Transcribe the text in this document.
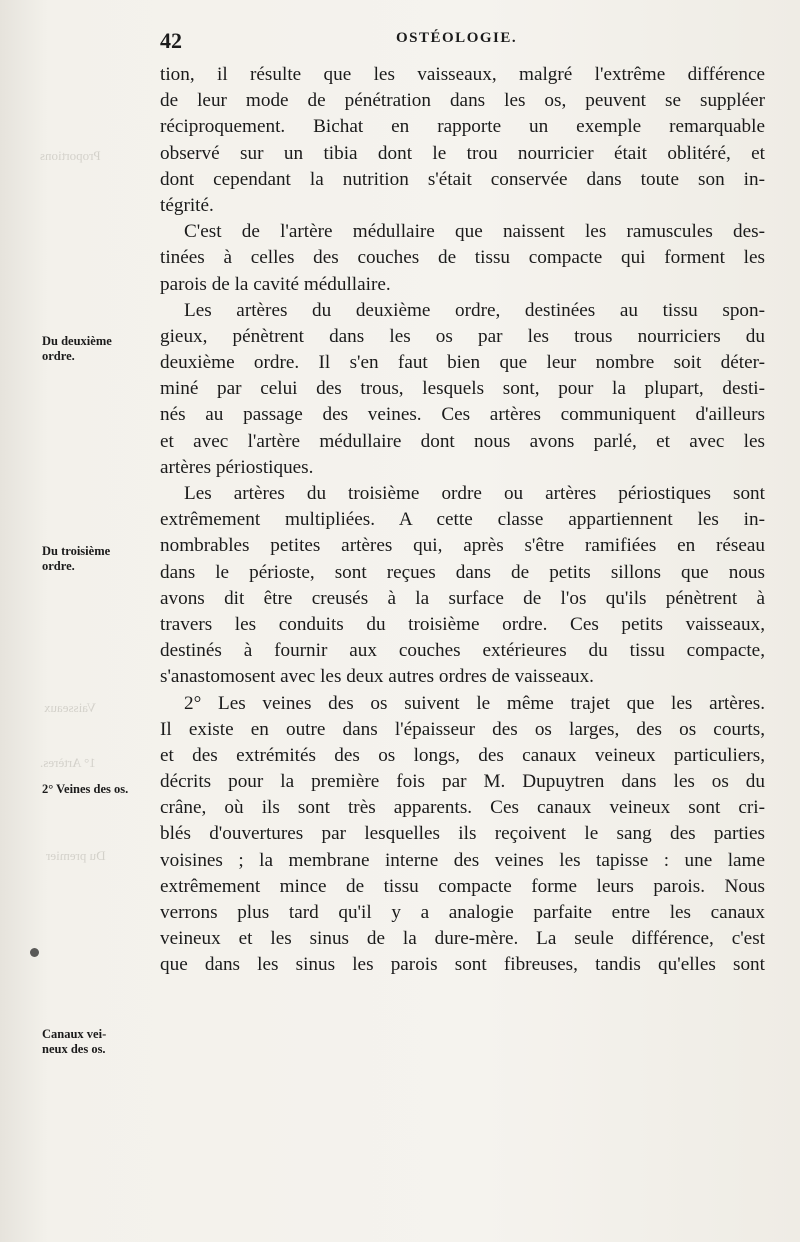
Proportions
Vaisseaux
1° Artères.
Du premier
42	OSTÉOLOGIE.
Du deuxième
ordre.
Du troisième
ordre.
2° Veines des os.
Canaux vei-
neux des os.
tion, il résulte que les vaisseaux, malgré l'extrême différence
de leur mode de pénétration dans les os, peuvent se suppléer
réciproquement. Bichat en rapporte un exemple remarquable
observé sur un tibia dont le trou nourricier était oblitéré, et
dont cependant la nutrition s'était conservée dans toute son in-
tégrité.
C'est de l'artère médullaire que naissent les ramuscules des-
tinées à celles des couches de tissu compacte qui forment les
parois de la cavité médullaire.
Les artères du deuxième ordre, destinées au tissu spon-
gieux, pénètrent dans les os par les trous nourriciers du
deuxième ordre. Il s'en faut bien que leur nombre soit déter-
miné par celui des trous, lesquels sont, pour la plupart, desti-
nés au passage des veines. Ces artères communiquent d'ailleurs
et avec l'artère médullaire dont nous avons parlé, et avec les
artères périostiques.
Les artères du troisième ordre ou artères périostiques sont
extrêmement multipliées. A cette classe appartiennent les in-
nombrables petites artères qui, après s'être ramifiées en réseau
dans le périoste, sont reçues dans de petits sillons que nous
avons dit être creusés à la surface de l'os qu'ils pénètrent à
travers les conduits du troisième ordre. Ces petits vaisseaux,
destinés à fournir aux couches extérieures du tissu compacte,
s'anastomosent avec les deux autres ordres de vaisseaux.
2° Les veines des os suivent le même trajet que les artères.
Il existe en outre dans l'épaisseur des os larges, des os courts,
et des extrémités des os longs, des canaux veineux particuliers,
décrits pour la première fois par M. Dupuytren dans les os du
crâne, où ils sont très apparents. Ces canaux veineux sont cri-
blés d'ouvertures par lesquelles ils reçoivent le sang des parties
voisines ; la membrane interne des veines les tapisse : une lame
extrêmement mince de tissu compacte forme leurs parois. Nous
verrons plus tard qu'il y a analogie parfaite entre les canaux
veineux et les sinus de la dure-mère. La seule différence, c'est
que dans les sinus les parois sont fibreuses, tandis qu'elles sont
